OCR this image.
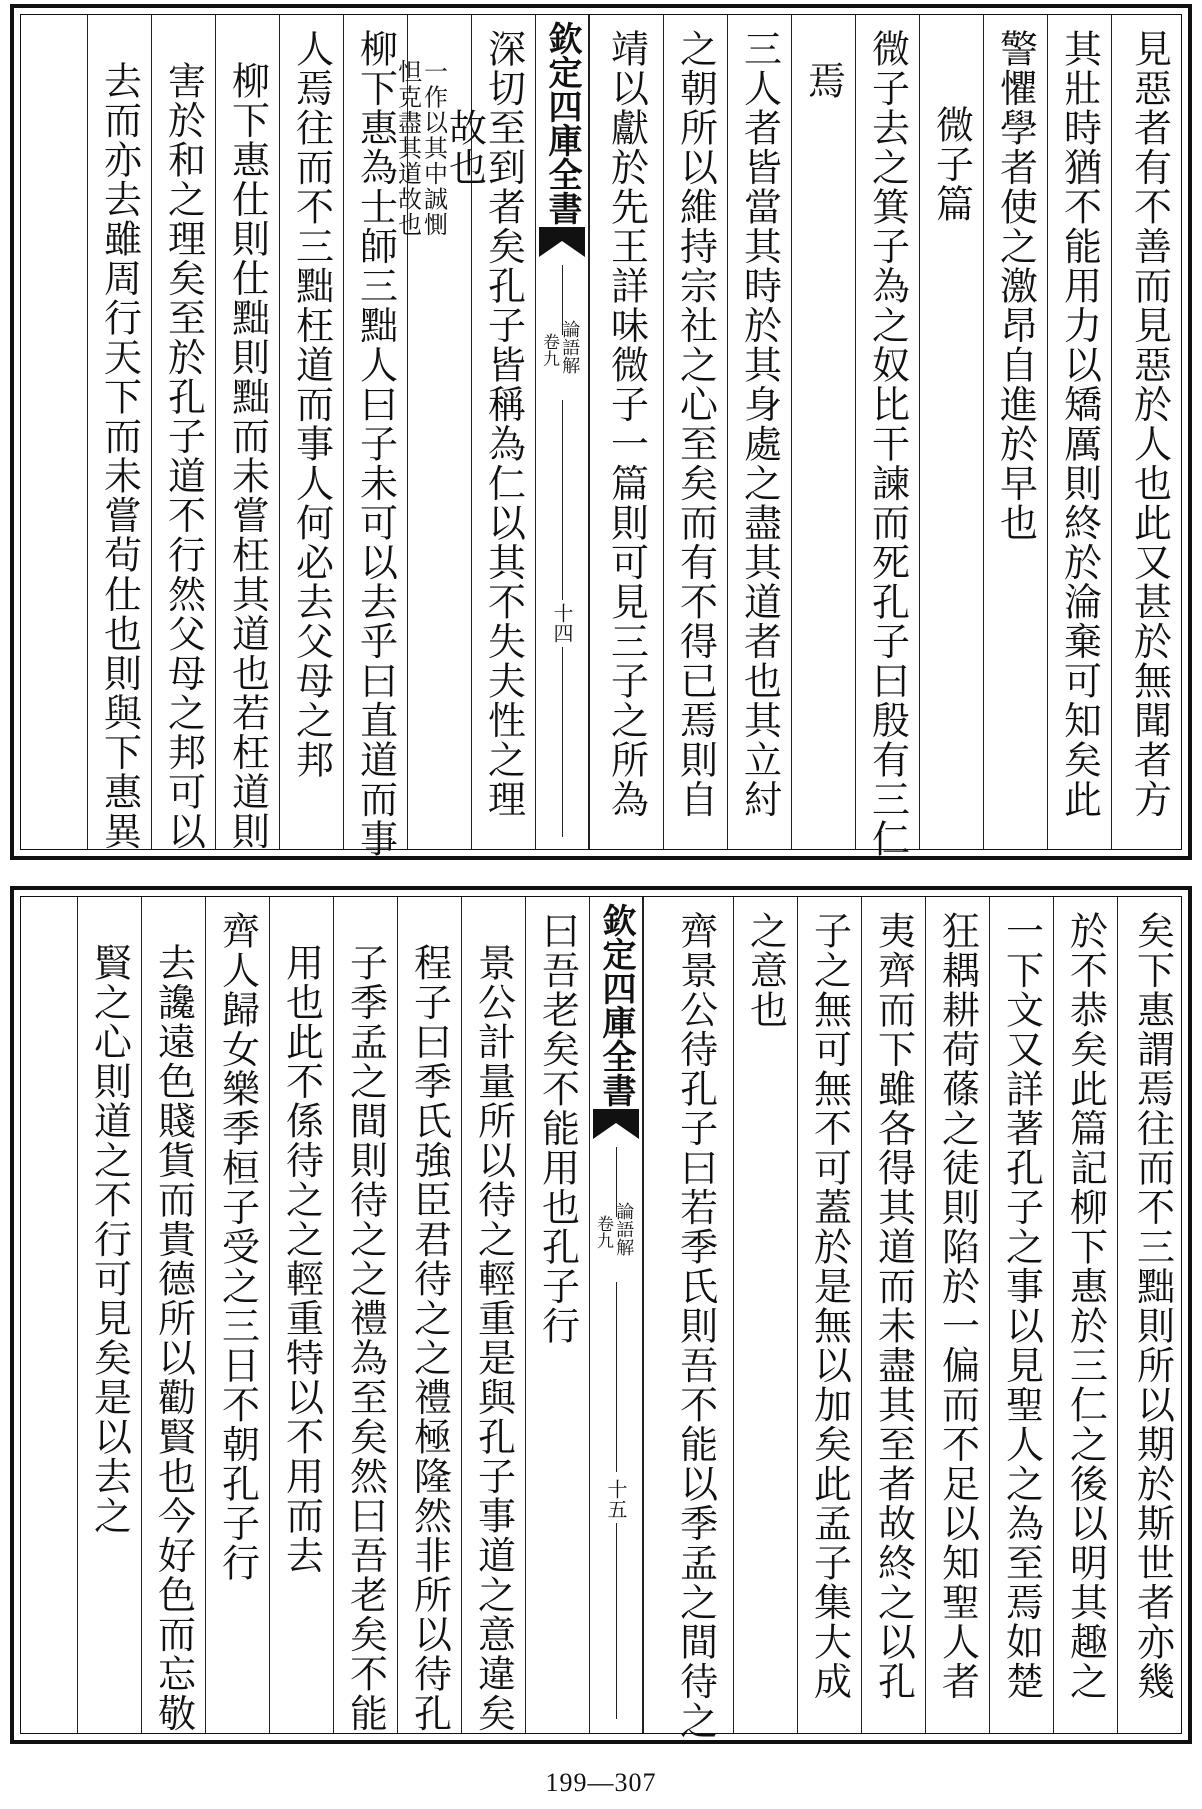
欽定四庫全書
論語解
卷九
十四	見惡者有不善而見惡於人也此又甚於無聞者方
其壯時猶不能用力以矯厲則終於淪棄可知矣此
警懼學者使之激昂自進於早也
微子篇
微子去之箕子為之奴比干諫而死孔子曰殷有三仁
焉
三人者皆當其時於其身處之盡其道者也其立紂
之朝所以維持宗社之心至矣而有不得已焉則自
靖以獻於先王詳味微子一篇則可見三子之所為
深切至到者矣孔子皆稱為仁以其不失夫性之理
故也
一作以其中誠惻
怛克盡其道故也
柳下惠為士師三黜人曰子未可以去乎曰直道而事
人焉往而不三黜枉道而事人何必去父母之邦
柳下惠仕則仕黜則黜而未嘗枉其道也若枉道則
害於和之理矣至於孔子道不行然父母之邦可以
去而亦去雖周行天下而未嘗茍仕也則與下惠異
欽定四庫全書
論語解
卷九
十五	矣下惠謂焉往而不三黜則所以期於斯世者亦幾
於不恭矣此篇記柳下惠於三仁之後以明其趣之
一下文又詳著孔子之事以見聖人之為至焉如楚
狂耦耕荷蓧之徒則陷於一偏而不足以知聖人者
夷齊而下雖各得其道而未盡其至者故終之以孔
子之無可無不可蓋於是無以加矣此孟子集大成
之意也
齊景公待孔子曰若季氏則吾不能以季孟之間待之
曰吾老矣不能用也孔子行
景公計量所以待之輕重是與孔子事道之意違矣
程子曰季氏強臣君待之之禮極隆然非所以待孔
子季孟之間則待之之禮為至矣然曰吾老矣不能
用也此不係待之之輕重特以不用而去
齊人歸女樂季桓子受之三日不朝孔子行
去讒遠色賤貨而貴德所以勸賢也今好色而忘敬
賢之心則道之不行可見矣是以去之
199—307
